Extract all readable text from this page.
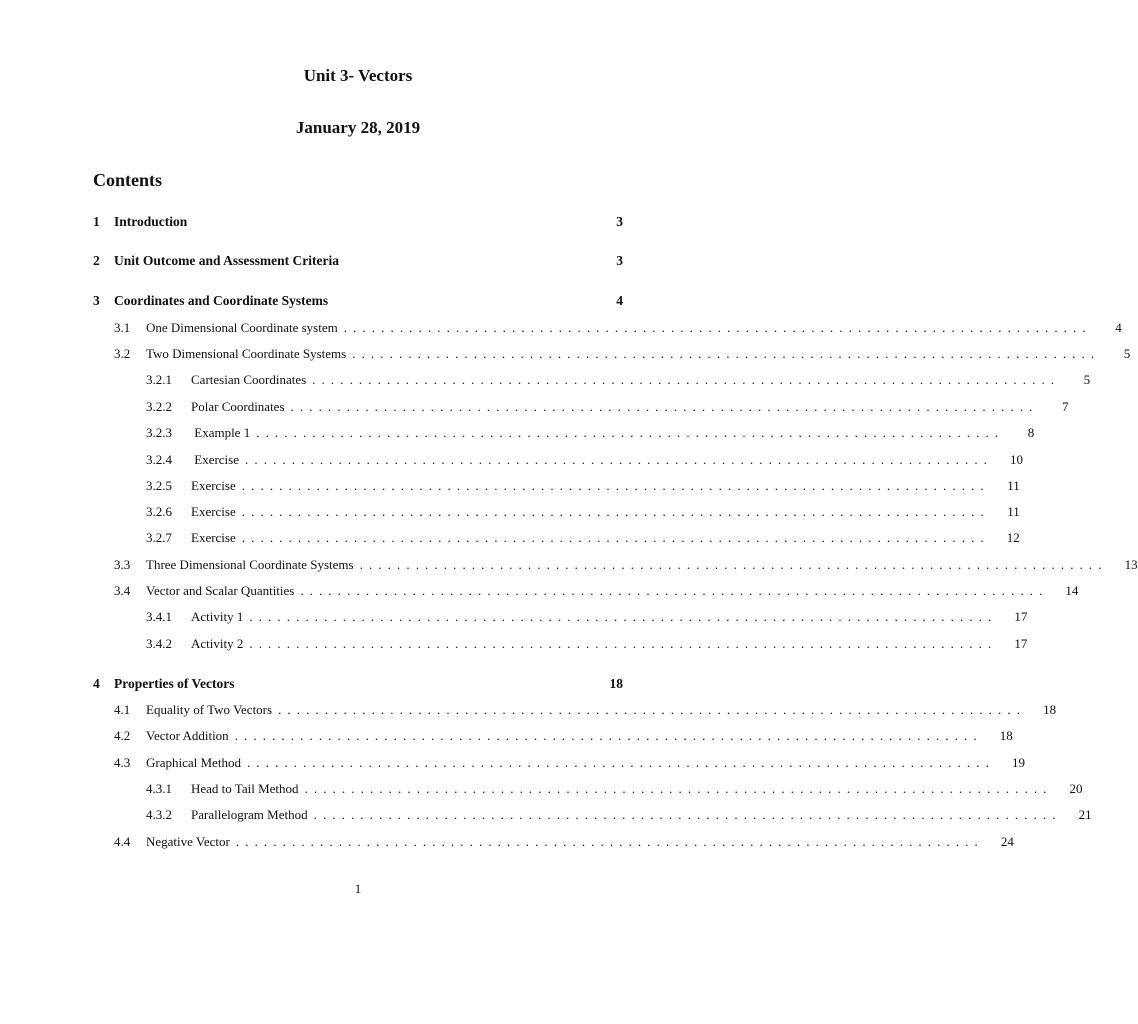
Unit 3- Vectors
January 28, 2019
Contents
1	Introduction	3
2	Unit Outcome and Assessment Criteria	3
3	Coordinates and Coordinate Systems	4
3.1	One Dimensional Coordinate system ................................................................................	4
3.2	Two Dimensional Coordinate Systems ................................................................................	5
3.2.1	Cartesian Coordinates ................................................................................	5
3.2.2	Polar Coordinates ................................................................................	7
3.2.3	Example 1 ................................................................................	8
3.2.4	Exercise ................................................................................	10
3.2.5	Exercise ................................................................................	11
3.2.6	Exercise ................................................................................	11
3.2.7	Exercise ................................................................................	12
3.3	Three Dimensional Coordinate Systems ................................................................................	13
3.4	Vector and Scalar Quantities ................................................................................	14
3.4.1	Activity 1 ................................................................................	17
3.4.2	Activity 2 ................................................................................	17
4	Properties of Vectors	18
4.1	Equality of Two Vectors ................................................................................	18
4.2	Vector Addition ................................................................................	18
4.3	Graphical Method ................................................................................	19
4.3.1	Head to Tail Method ................................................................................	20
4.3.2	Parallelogram Method ................................................................................	21
4.4	Negative Vector ................................................................................	24

1
